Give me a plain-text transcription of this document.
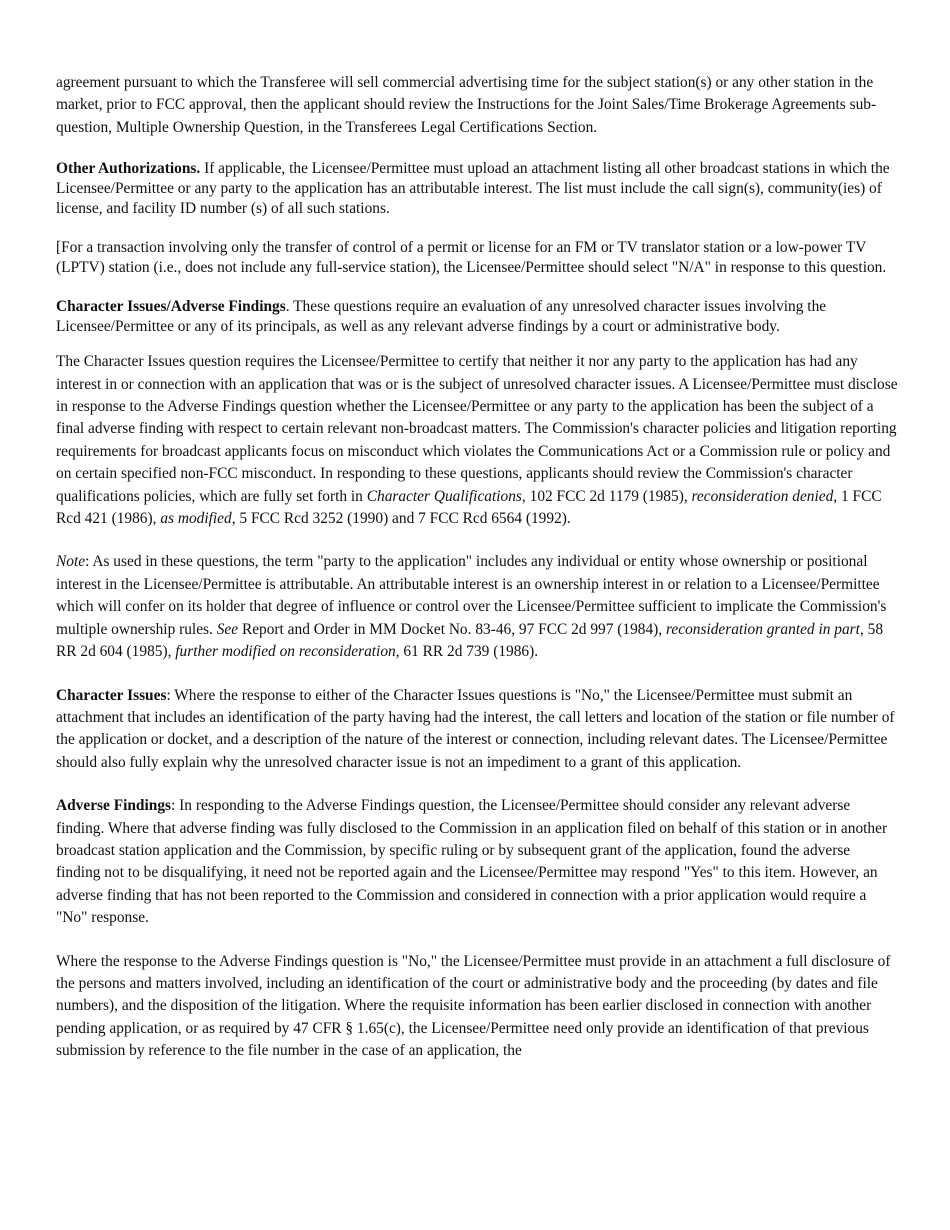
agreement pursuant to which the Transferee will sell commercial advertising time for the subject station(s) or any other station in the market, prior to FCC approval, then the applicant should review the Instructions for the Joint Sales/Time Brokerage Agreements sub-question, Multiple Ownership Question, in the Transferees Legal Certifications Section.

Other Authorizations. If applicable, the Licensee/Permittee must upload an attachment listing all other broadcast stations in which the Licensee/Permittee or any party to the application has an attributable interest. The list must include the call sign(s), community(ies) of license, and facility ID number (s) of all such stations.

[For a transaction involving only the transfer of control of a permit or license for an FM or TV translator station or a low-power TV (LPTV) station (i.e., does not include any full-service station), the Licensee/Permittee should select "N/A" in response to this question.

Character Issues/Adverse Findings. These questions require an evaluation of any unresolved character issues involving the Licensee/Permittee or any of its principals, as well as any relevant adverse findings by a court or administrative body.

The Character Issues question requires the Licensee/Permittee to certify that neither it nor any party to the application has had any interest in or connection with an application that was or is the subject of unresolved character issues. A Licensee/Permittee must disclose in response to the Adverse Findings question whether the Licensee/Permittee or any party to the application has been the subject of a final adverse finding with respect to certain relevant non-broadcast matters. The Commission's character policies and litigation reporting requirements for broadcast applicants focus on misconduct which violates the Communications Act or a Commission rule or policy and on certain specified non-FCC misconduct. In responding to these questions, applicants should review the Commission's character qualifications policies, which are fully set forth in Character Qualifications, 102 FCC 2d 1179 (1985), reconsideration denied, 1 FCC Rcd 421 (1986), as modified, 5 FCC Rcd 3252 (1990) and 7 FCC Rcd 6564 (1992).

Note: As used in these questions, the term "party to the application" includes any individual or entity whose ownership or positional interest in the Licensee/Permittee is attributable. An attributable interest is an ownership interest in or relation to a Licensee/Permittee which will confer on its holder that degree of influence or control over the Licensee/Permittee sufficient to implicate the Commission's multiple ownership rules. See Report and Order in MM Docket No. 83-46, 97 FCC 2d 997 (1984), reconsideration granted in part, 58 RR 2d 604 (1985), further modified on reconsideration, 61 RR 2d 739 (1986).

Character Issues: Where the response to either of the Character Issues questions is "No," the Licensee/Permittee must submit an attachment that includes an identification of the party having had the interest, the call letters and location of the station or file number of the application or docket, and a description of the nature of the interest or connection, including relevant dates. The Licensee/Permittee should also fully explain why the unresolved character issue is not an impediment to a grant of this application.

Adverse Findings: In responding to the Adverse Findings question, the Licensee/Permittee should consider any relevant adverse finding. Where that adverse finding was fully disclosed to the Commission in an application filed on behalf of this station or in another broadcast station application and the Commission, by specific ruling or by subsequent grant of the application, found the adverse finding not to be disqualifying, it need not be reported again and the Licensee/Permittee may respond "Yes" to this item. However, an adverse finding that has not been reported to the Commission and considered in connection with a prior application would require a "No" response.

Where the response to the Adverse Findings question is "No," the Licensee/Permittee must provide in an attachment a full disclosure of the persons and matters involved, including an identification of the court or administrative body and the proceeding (by dates and file numbers), and the disposition of the litigation. Where the requisite information has been earlier disclosed in connection with another pending application, or as required by 47 CFR § 1.65(c), the Licensee/Permittee need only provide an identification of that previous submission by reference to the file number in the case of an application, the
